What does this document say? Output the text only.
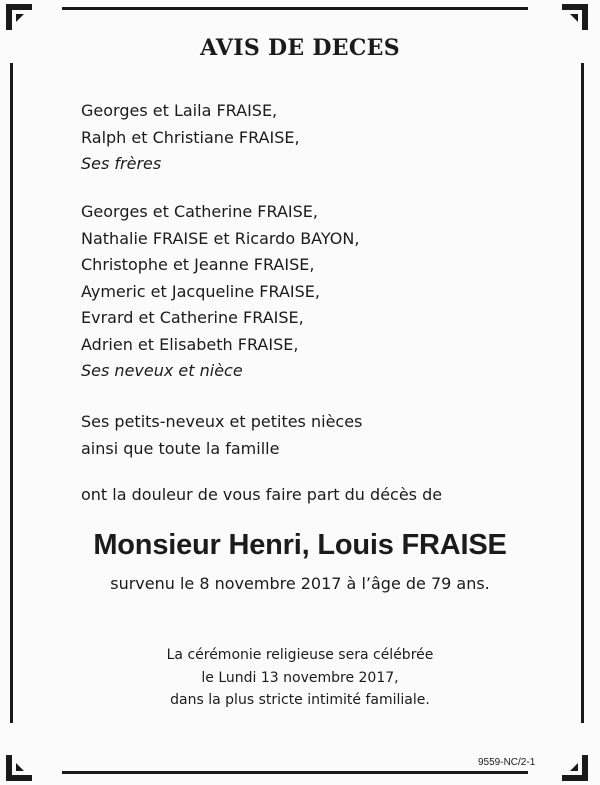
AVIS DE DECES
Georges et Laila FRAISE,
Ralph et Christiane FRAISE,
Ses frères
Georges et Catherine FRAISE,
Nathalie FRAISE et Ricardo BAYON,
Christophe et Jeanne FRAISE,
Aymeric et Jacqueline FRAISE,
Evrard et Catherine FRAISE,
Adrien et Elisabeth FRAISE,
Ses neveux et nièce
Ses petits-neveux et petites nièces
ainsi que toute la famille
ont la douleur de vous faire part du décès de
Monsieur Henri, Louis FRAISE
survenu le 8 novembre 2017 à l’âge de 79 ans.
La cérémonie religieuse sera célébrée
le Lundi 13 novembre 2017,
dans la plus stricte intimité familiale.
9559-NC/2-1
